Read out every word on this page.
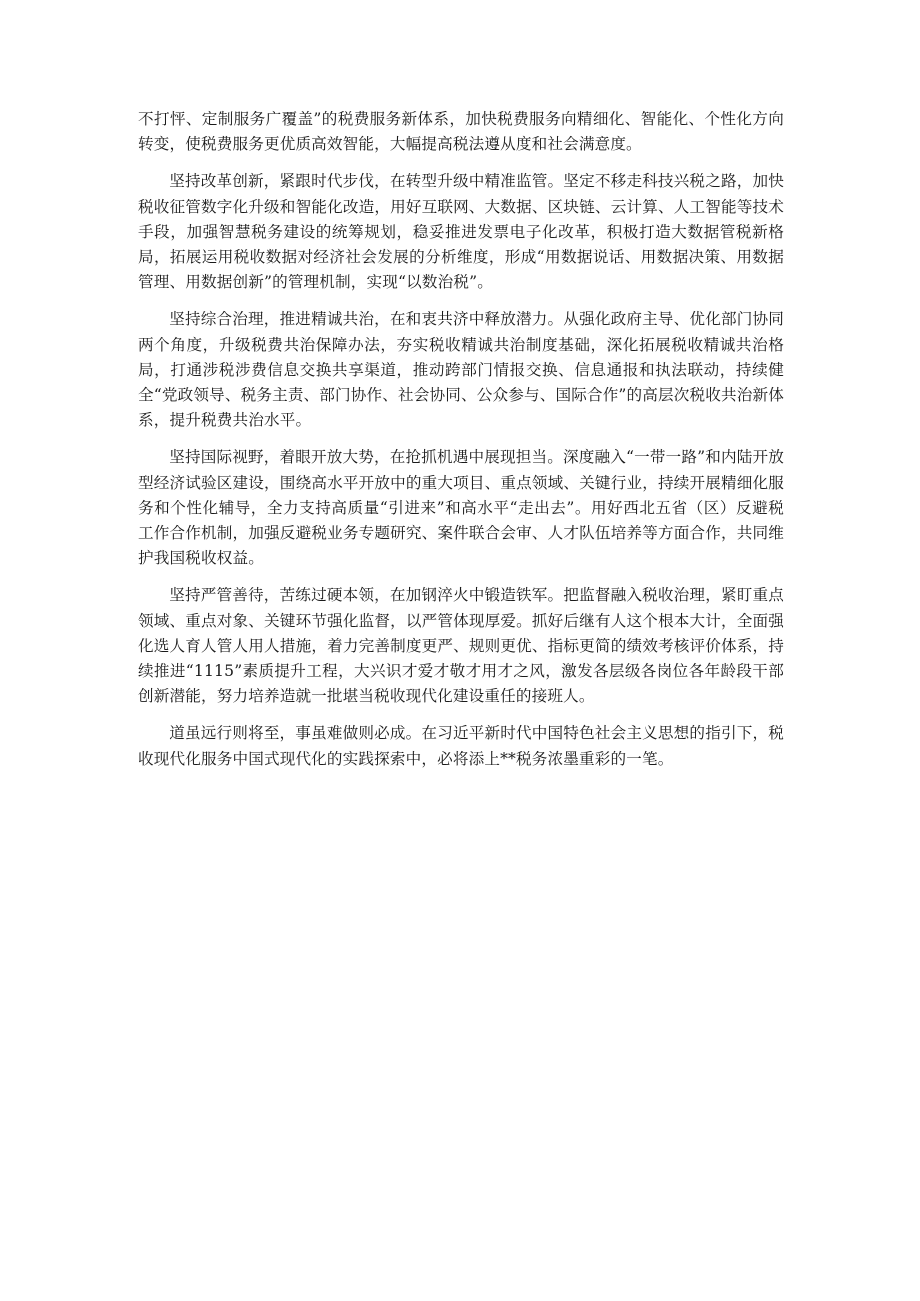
不打怦、定制服务广覆盖”的税费服务新体系，加快税费服务向精细化、智能化、个性化方向转变，使税费服务更优质高效智能，大幅提高税法遵从度和社会满意度。

坚持改革创新，紧跟时代步伐，在转型升级中精准监管。坚定不移走科技兴税之路，加快税收征管数字化升级和智能化改造，用好互联网、大数据、区块链、云计算、人工智能等技术手段，加强智慧税务建设的统筹规划，稳妥推进发票电子化改革，积极打造大数据管税新格局，拓展运用税收数据对经济社会发展的分析维度，形成“用数据说话、用数据决策、用数据管理、用数据创新”的管理机制，实现“以数治税”。

坚持综合治理，推进精诚共治，在和衷共济中释放潜力。从强化政府主导、优化部门协同两个角度，升级税费共治保障办法，夯实税收精诚共治制度基础，深化拓展税收精诚共治格局，打通涉税涉费信息交换共享渠道，推动跨部门情报交换、信息通报和执法联动，持续健全“党政领导、税务主责、部门协作、社会协同、公众参与、国际合作”的高层次税收共治新体系，提升税费共治水平。

坚持国际视野，着眼开放大势，在抢抓机遇中展现担当。深度融入“一带一路”和内陆开放型经济试验区建设，围绕高水平开放中的重大项目、重点领域、关键行业，持续开展精细化服务和个性化辅导，全力支持高质量“引进来”和高水平“走出去”。用好西北五省（区）反避税工作合作机制，加强反避税业务专题研究、案件联合会审、人才队伍培养等方面合作，共同维护我国税收权益。

坚持严管善待，苦练过硬本领，在加钢淬火中锻造铁军。把监督融入税收治理，紧盯重点领域、重点对象、关键环节强化监督，以严管体现厚爱。抓好后继有人这个根本大计，全面强化选人育人管人用人措施，着力完善制度更严、规则更优、指标更简的绩效考核评价体系，持续推进“1115”素质提升工程，大兴识才爱才敬才用才之风，激发各层级各岗位各年龄段干部创新潜能，努力培养造就一批堪当税收现代化建设重任的接班人。

道虽远行则将至，事虽难做则必成。在习近平新时代中国特色社会主义思想的指引下，税收现代化服务中国式现代化的实践探索中，必将添上**税务浓墨重彩的一笔。
